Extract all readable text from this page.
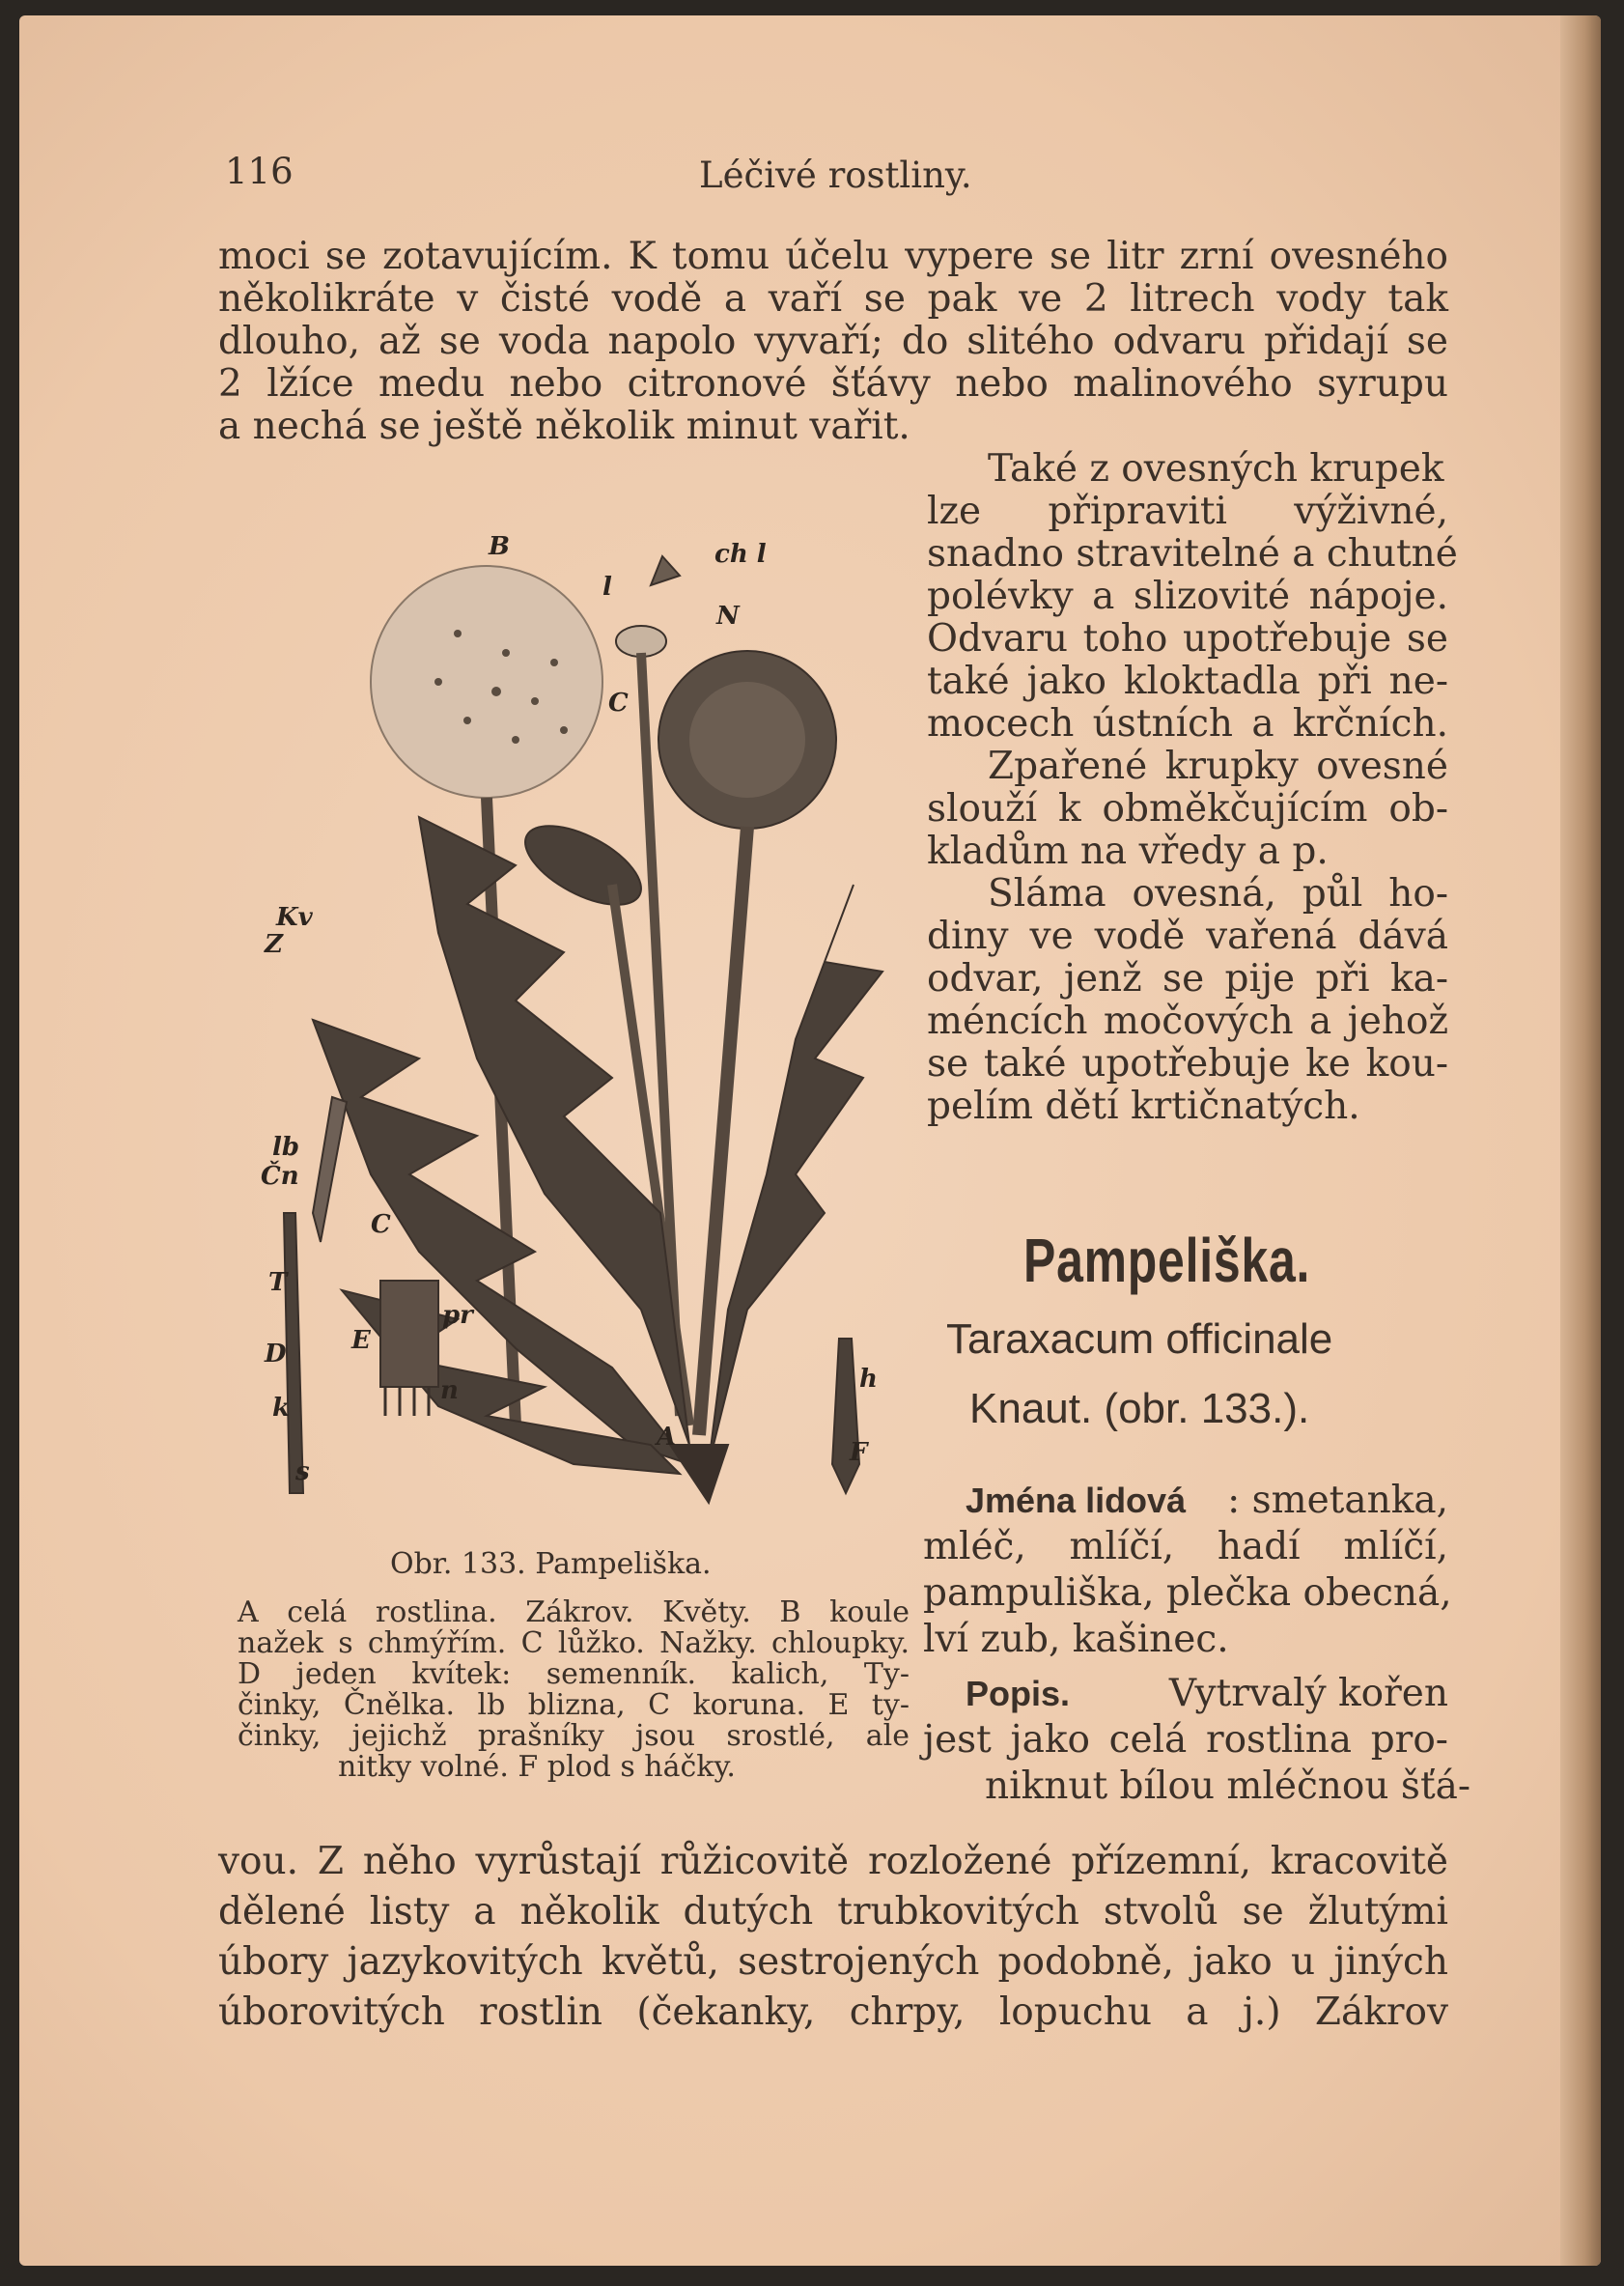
116	Léčivé rostliny.
moci se zotavujícím. K tomu účelu vypere se litr zrní ovesného
několikráte v čisté vodě a vaří se pak ve 2 litrech vody tak
dlouho, až se voda napolo vyvaří; do slitého odvaru přidají se
2 lžíce medu nebo citronové šťávy nebo malinového syrupu
a nechá se ještě několik minut vařit.
Také z ovesných krupek
lze připraviti výživné,
snadno stravitelné a chutné
polévky a slizovité nápoje.
Odvaru toho upotřebuje se
také jako kloktadla při ne-
mocech ústních a krčních.
Zpařené krupky ovesné
slouží k obměkčujícím ob-
kladům na vředy a p.
Sláma ovesná, půl ho-
diny ve vodě vařená dává
odvar, jenž se pije při ka-
méncích močových a jehož
se také upotřebuje ke kou-
pelím dětí krtičnatých.
Pampeliška.
Taraxacum officinale
Knaut. (obr. 133.).
Jména lidová : smetanka,
mléč, mlíčí, hadí mlíčí,
pampuliška, plečka obecná,
lví zub, kašinec.
Popis.	Vytrvalý kořen
jest jako celá rostlina pro-
niknut bílou mléčnou šťá-
vou. Z něho vyrůstají růžicovitě rozložené přízemní, kracovitě
dělené listy a několik dutých trubkovitých stvolů se žlutými
úbory jazykovitých květů, sestrojených podobně, jako u jiných
úborovitých rostlin (čekanky, chrpy, lopuchu a j.) Zákrov
B
l
ch l
N
C
Kv
Z
lb
Čn
C
T
D	E
pr
n
k
s
A
h
F
Obr. 133. Pampeliška.
A celá rostlina. Zákrov. Květy. B koule
nažek s chmýřím. C lůžko. Nažky. chloupky.
D jeden kvítek: semenník. kalich, Ty-
činky, Čnělka. lb blizna, C koruna. E ty-
činky, jejichž prašníky jsou srostlé, ale
nitky volné. F plod s háčky.
